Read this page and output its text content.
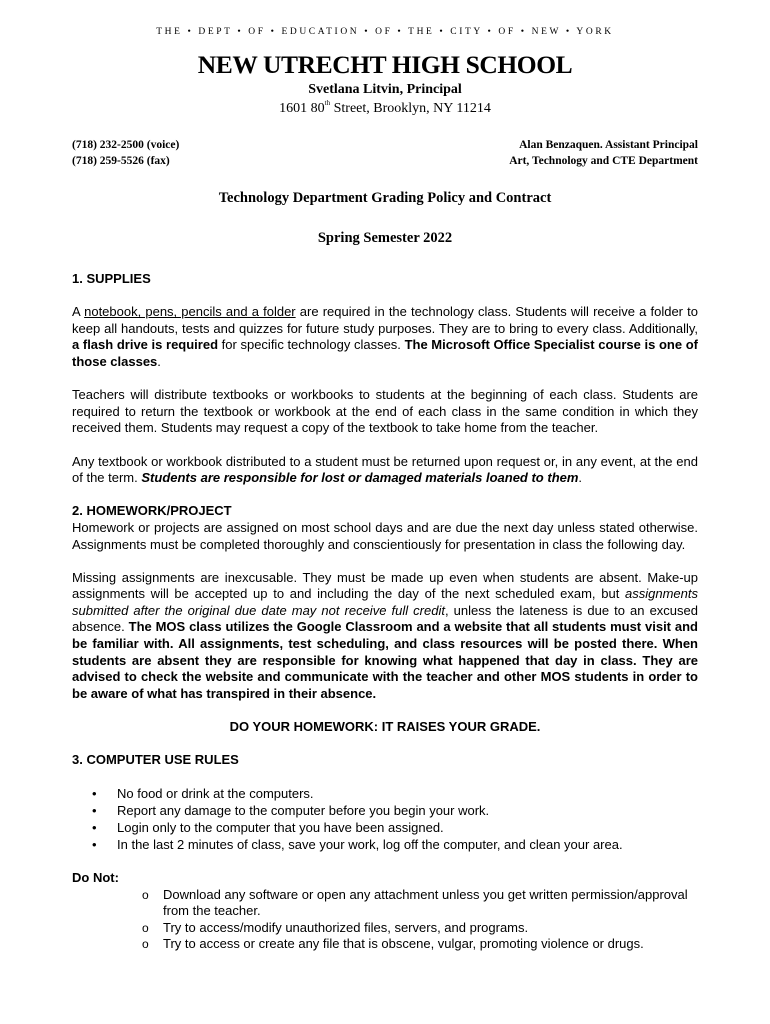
THE • DEPT • OF • EDUCATION • OF • THE • CITY • OF • NEW • YORK
NEW UTRECHT HIGH SCHOOL
Svetlana Litvin, Principal
1601 80th Street, Brooklyn, NY 11214
(718) 232-2500 (voice)
(718) 259-5526 (fax)
Alan Benzaquen. Assistant Principal
Art, Technology and CTE Department
Technology Department Grading Policy and Contract
Spring Semester 2022
1. SUPPLIES

A notebook, pens, pencils and a folder are required in the technology class. Students will receive a folder to keep all handouts, tests and quizzes for future study purposes. They are to bring to every class. Additionally, a flash drive is required for specific technology classes. The Microsoft Office Specialist course is one of those classes.

Teachers will distribute textbooks or workbooks to students at the beginning of each class. Students are required to return the textbook or workbook at the end of each class in the same condition in which they received them. Students may request a copy of the textbook to take home from the teacher.

Any textbook or workbook distributed to a student must be returned upon request or, in any event, at the end of the term. Students are responsible for lost or damaged materials loaned to them.

2. HOMEWORK/PROJECT

Homework or projects are assigned on most school days and are due the next day unless stated otherwise. Assignments must be completed thoroughly and conscientiously for presentation in class the following day.

Missing assignments are inexcusable. They must be made up even when students are absent. Make-up assignments will be accepted up to and including the day of the next scheduled exam, but assignments submitted after the original due date may not receive full credit, unless the lateness is due to an excused absence. The MOS class utilizes the Google Classroom and a website that all students must visit and be familiar with. All assignments, test scheduling, and class resources will be posted there. When students are absent they are responsible for knowing what happened that day in class. They are advised to check the website and communicate with the teacher and other MOS students in order to be aware of what has transpired in their absence.

DO YOUR HOMEWORK: IT RAISES YOUR GRADE.
3. COMPUTER USE RULES
• No food or drink at the computers.
• Report any damage to the computer before you begin your work.
• Login only to the computer that you have been assigned.
• In the last 2 minutes of class, save your work, log off the computer, and clean your area.
Do Not:
o Download any software or open any attachment unless you get written permission/approval from the teacher.
o Try to access/modify unauthorized files, servers, and programs.
o Try to access or create any file that is obscene, vulgar, promoting violence or drugs.
